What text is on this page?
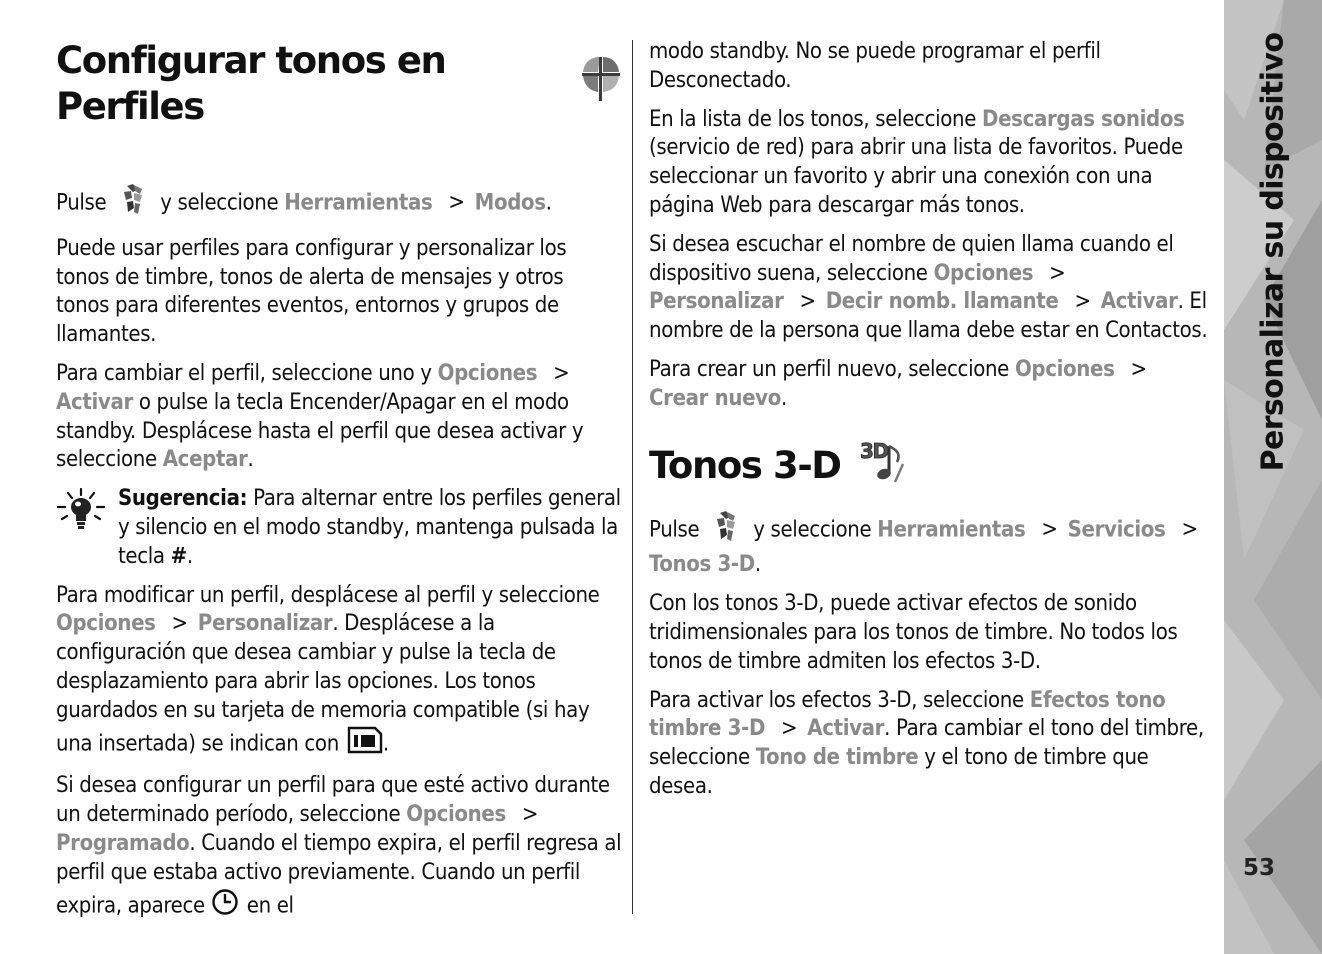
Configurar tonos en Perfiles

Pulse y seleccione Herramientas > Modos.

Puede usar perfiles para configurar y personalizar los tonos de timbre, tonos de alerta de mensajes y otros tonos para diferentes eventos, entornos y grupos de llamantes.

Para cambiar el perfil, seleccione uno y Opciones >
Activar o pulse la tecla Encender/Apagar en el modo standby. Desplácese hasta el perfil que desea activar y seleccione Aceptar.

Sugerencia: Para alternar entre los perfiles general y silencio en el modo standby, mantenga pulsada la tecla #.

Para modificar un perfil, desplácese al perfil y seleccione Opciones > Personalizar. Desplácese a la configuración que desea cambiar y pulse la tecla de desplazamiento para abrir las opciones. Los tonos guardados en su tarjeta de memoria compatible (si hay una insertada) se indican con .

Si desea configurar un perfil para que esté activo durante un determinado período, seleccione Opciones >Programado. Cuando el tiempo expira, el perfil regresa al perfil que estaba activo previamente. Cuando un perfil expira, aparece en el

modo standby. No se puede programar el perfil Desconectado.

En la lista de los tonos, seleccione Descargas sonidos (servicio de red) para abrir una lista de favoritos. Puede seleccionar un favorito y abrir una conexión con una página Web para descargar más tonos.

Si desea escuchar el nombre de quien llama cuando el dispositivo suena, seleccione Opciones >
Personalizar > Decir nomb. llamante > Activar. El nombre de la persona que llama debe estar en Contactos.

Para crear un perfil nuevo, seleccione Opciones >
Crear nuevo.

Tonos 3-D 3D

Pulse y seleccione Herramientas > Servicios >
Tonos 3-D.

Con los tonos 3-D, puede activar efectos de sonido tridimensionales para los tonos de timbre. No todos los tonos de timbre admiten los efectos 3-D.

Para activar los efectos 3-D, seleccione Efectos tono timbre 3-D > Activar. Para cambiar el tono del timbre, seleccione Tono de timbre y el tono de timbre que desea.

Personalizar su dispositivo
53
